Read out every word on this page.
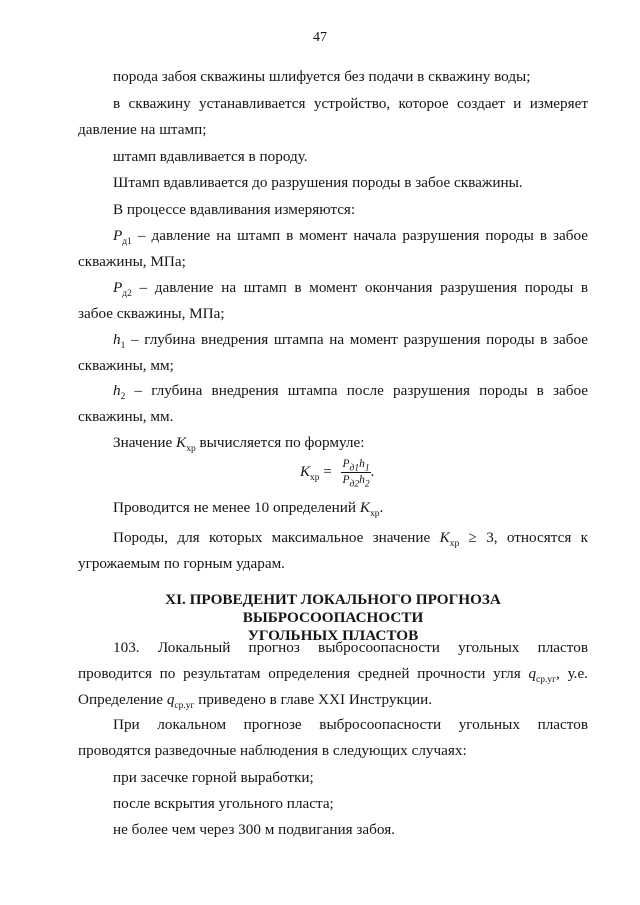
47

порода забоя скважины шлифуется без подачи в скважину воды;

в скважину устанавливается устройство, которое создает и измеряет давление на штамп;

штамп вдавливается в породу.

Штамп вдавливается до разрушения породы в забое скважины.

В процессе вдавливания измеряются:

$P_{д1}$ – давление на штамп в момент начала разрушения породы в забое скважины, МПа;

$P_{д2}$ – давление на штамп в момент окончания разрушения породы в забое скважины, МПа;

$h_1$ – глубина внедрения штампа на момент разрушения породы в забое скважины, мм;

$h_2$ – глубина внедрения штампа после разрушения породы в забое скважины, мм.

Значение $K_{хр}$ вычисляется по формуле:

$K_{хр} = \frac{P_{д1}h_1}{P_{д2}h_2}$ .

Проводится не менее 10 определений $K_{хр}$.

Породы, для которых максимальное значение $K_{хр} \ge 3$, относятся к угрожаемым по горным ударам.

XI. ПРОВЕДЕНИТ ЛОКАЛЬНОГО ПРОГНОЗА ВЫБРОСООПАСНОСТИ
УГОЛЬНЫХ ПЛАСТОВ

103. Локальный прогноз выбросоопасности угольных пластов проводится по результатам определения средней прочности угля $q_{ср.уг}$, у.е. Определение $q_{ср.уг}$ приведено в главе XXI Инструкции.

При локальном прогнозе выбросоопасности угольных пластов проводятся разведочные наблюдения в следующих случаях:

при засечке горной выработки;

после вскрытия угольного пласта;

не более чем через 300 м подвигания забоя.
